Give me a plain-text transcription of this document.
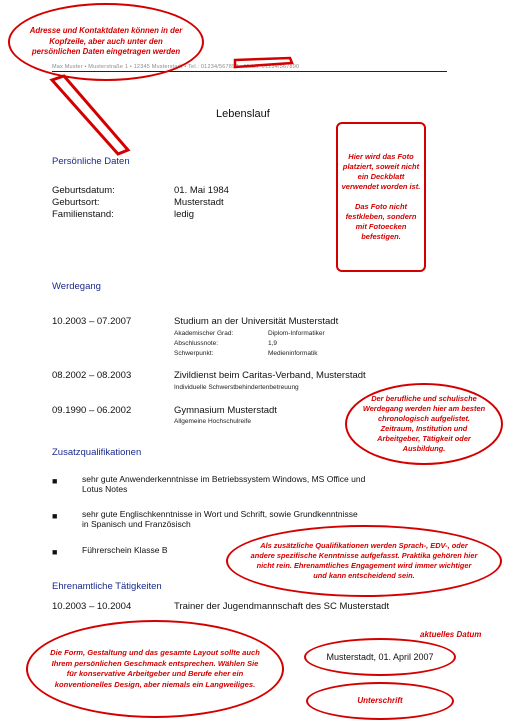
Max Muster • Musterstraße 1 • 12345 Musterstadt • Tel.: 01234/567890 • Mobil: 01234/567890
Adresse und Kontaktdaten können in der Kopfzeile, aber auch unter den persönlichen Daten eingetragen werden
Lebenslauf
Persönliche Daten
Geburtsdatum:	01. Mai 1984
Geburtsort:	Musterstadt
Familienstand:	ledig
Hier wird das Foto platziert, soweit nicht ein Deckblatt verwendet worden ist.
Das Foto nicht festkleben, sondern mit Fotoecken befestigen.
Werdegang
10.2003 – 07.2007	Studium an der Universität Musterstadt
Akademischer Grad:	Diplom-Informatiker
Abschlussnote:	1,9
Schwerpunkt:	Medieninformatik
08.2002 – 08.2003	Zivildienst beim Caritas-Verband, Musterstadt
Individuelle Schwerstbehindertenbetreuung
09.1990 – 06.2002	Gymnasium Musterstadt
Allgemeine Hochschulreife
Der berufliche und schulische Werdegang werden hier am besten chronologisch aufgelistet. Zeitraum, Institution und Arbeitgeber, Tätigkeit oder Ausbildung.
Zusatzqualifikationen
■	sehr gute Anwenderkenntnisse im Betriebssystem Windows, MS Office und
Lotus Notes
■	sehr gute Englischkenntnisse in Wort und Schrift, sowie Grundkenntnisse
in Spanisch und Französisch
■	Führerschein Klasse B	Als zusätzliche Qualifikationen werden Sprach-, EDV-, oder andere spezifische Kenntnisse aufgefasst. Praktika gehören hier nicht rein. Ehrenamtliches Engagement wird immer wichtiger und kann entscheidend sein.
Ehrenamtliche Tätigkeiten
10.2003 – 10.2004	Trainer der Jugendmannschaft des SC Musterstadt
Die Form, Gestaltung und das gesamte Layout sollte auch Ihrem persönlichen Geschmack entsprechen. Wählen Sie für konservative Arbeitgeber und Berufe eher ein konventionelles Design, aber niemals ein Langweiliges.
aktuelles Datum
Musterstadt, 01. April 2007
Unterschrift
